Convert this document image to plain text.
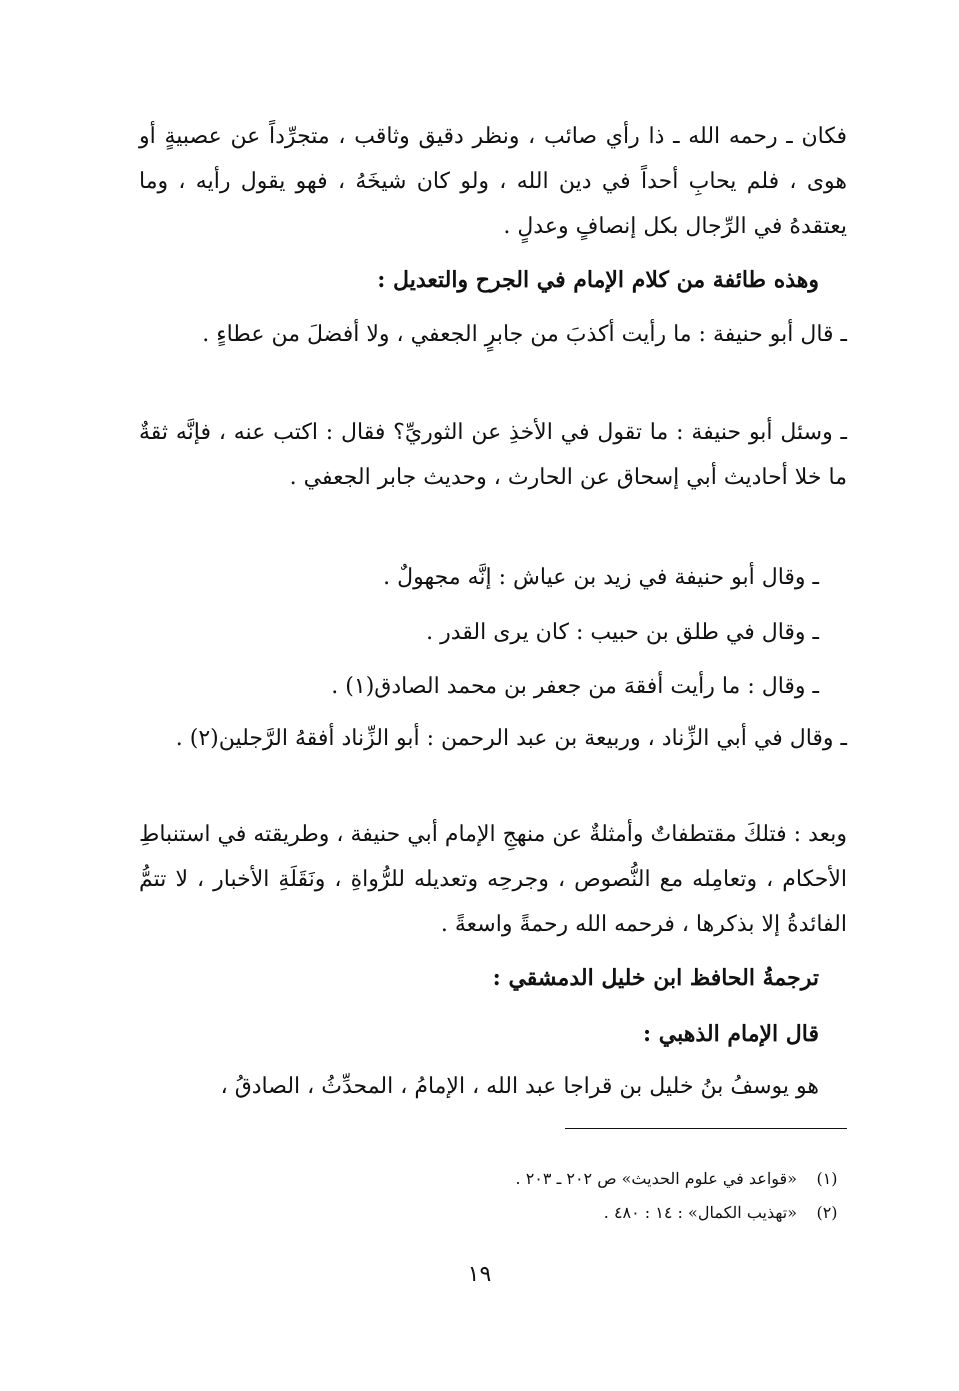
فكان ـ رحمه الله ـ ذا رأي صائب ، ونظر دقيق وثاقب ، متجرِّداً عن عصبيةٍ أو هوى ، فلم يحابِ أحداً في دين الله ، ولو كان شيخَهُ ، فهو يقول رأيه ، وما يعتقدهُ في الرِّجال بكل إنصافٍ وعدلٍ .

وهذه طائفة من كلام الإمام في الجرح والتعديل :

ـ قال أبو حنيفة : ما رأيت أكذبَ من جابرٍ الجعفي ، ولا أفضلَ من عطاءٍ .

ـ وسئل أبو حنيفة : ما تقول في الأخذِ عن الثوريِّ؟ فقال : اكتب عنه ، فإنَّه ثقةٌ ما خلا أحاديث أبي إسحاق عن الحارث ، وحديث جابر الجعفي .

ـ وقال أبو حنيفة في زيد بن عياش : إنَّه مجهولٌ .

ـ وقال في طلق بن حبيب : كان يرى القدر .

ـ وقال : ما رأيت أفقهَ من جعفر بن محمد الصادق(١) .

ـ وقال في أبي الزِّناد ، وربيعة بن عبد الرحمن : أبو الزِّناد أفقهُ الرَّجلين(٢) .

وبعد : فتلكَ مقتطفاتٌ وأمثلةٌ عن منهجِ الإمام أبي حنيفة ، وطريقته في استنباطِ الأحكام ، وتعامِله مع النُّصوص ، وجرحِه وتعديله للرُّواةِ ، ونَقَلَةِ الأخبار ، لا تتمُّ الفائدةُ إلا بذكرها ، فرحمه الله رحمةً واسعةً .

ترجمةُ الحافظ ابن خليل الدمشقي :
قال الإمام الذهبي :

هو يوسفُ بنُ خليل بن قراجا عبد الله ، الإمامُ ، المحدِّثُ ، الصادقُ ،

(١)
«قواعد في علوم الحديث» ص ٢٠٢ ـ ٢٠٣ .
(٢)
«تهذيب الكمال» : ١٤ : ٤٨٠ .
١٩
